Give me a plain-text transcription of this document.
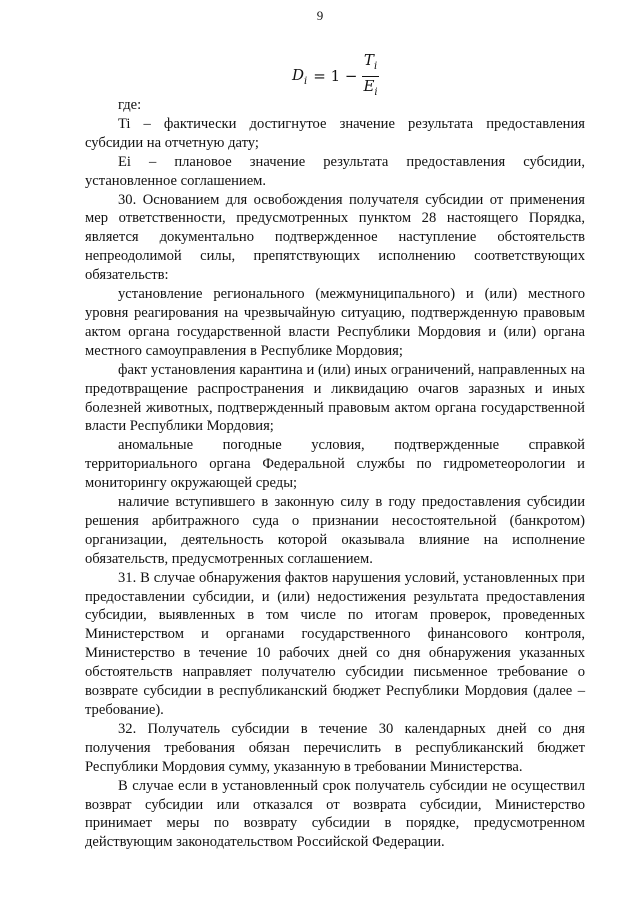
9
$D_i = 1 - \frac{T_i}{E_i}$

где:

Ti – фактически достигнутое значение результата предоставления субсидии на отчетную дату;

Ei – плановое значение результата предоставления субсидии, установленное соглашением.

30. Основанием для освобождения получателя субсидии от применения мер ответственности, предусмотренных пунктом 28 настоящего Порядка, является документально подтвержденное наступление обстоятельств непреодолимой силы, препятствующих исполнению соответствующих обязательств:

установление регионального (межмуниципального) и (или) местного уровня реагирования на чрезвычайную ситуацию, подтвержденную правовым актом органа государственной власти Республики Мордовия и (или) органа местного самоуправления в Республике Мордовия;

факт установления карантина и (или) иных ограничений, направленных на предотвращение распространения и ликвидацию очагов заразных и иных болезней животных, подтвержденный правовым актом органа государственной власти Республики Мордовия;

аномальные погодные условия, подтвержденные справкой территориального органа Федеральной службы по гидрометеорологии и мониторингу окружающей среды;

наличие вступившего в законную силу в году предоставления субсидии решения арбитражного суда о признании несостоятельной (банкротом) организации, деятельность которой оказывала влияние на исполнение обязательств, предусмотренных соглашением.

31. В случае обнаружения фактов нарушения условий, установленных при предоставлении субсидии, и (или) недостижения результата предоставления субсидии, выявленных в том числе по итогам проверок, проведенных Министерством и органами государственного финансового контроля, Министерство в течение 10 рабочих дней со дня обнаружения указанных обстоятельств направляет получателю субсидии письменное требование о возврате субсидии в республиканский бюджет Республики Мордовия (далее – требование).

32. Получатель субсидии в течение 30 календарных дней со дня получения требования обязан перечислить в республиканский бюджет Республики Мордовия сумму, указанную в требовании Министерства.

В случае если в установленный срок получатель субсидии не осуществил возврат субсидии или отказался от возврата субсидии, Министерство принимает меры по возврату субсидии в порядке, предусмотренном действующим законодательством Российской Федерации.
